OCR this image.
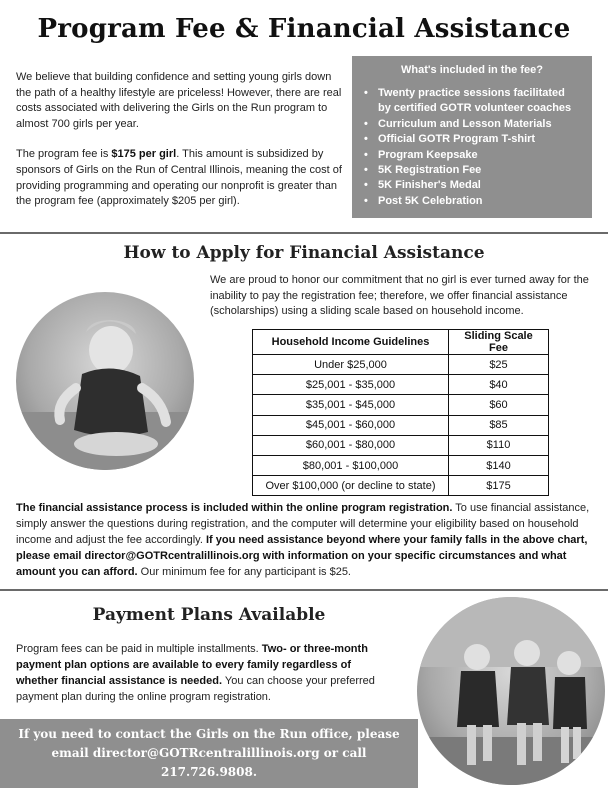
Program Fee & Financial Assistance

We believe that building confidence and setting young girls down the path of a healthy lifestyle are priceless! However, there are real costs associated with delivering the Girls on the Run program to almost 700 girls per year.

The program fee is $175 per girl. This amount is subsidized by sponsors of Girls on the Run of Central Illinois, meaning the cost of providing programming and operating our nonprofit is greater than the program fee (approximately $205 per girl).

What's included in the fee?
• Twenty practice sessions facilitated by certified GOTR volunteer coaches
• Curriculum and Lesson Materials
• Official GOTR Program T-shirt
• Program Keepsake
• 5K Registration Fee
• 5K Finisher's Medal
• Post 5K Celebration
How to Apply for Financial Assistance
We are proud to honor our commitment that no girl is ever turned away for the inability to pay the registration fee; therefore, we offer financial assistance (scholarships) using a sliding scale based on household income.
Household Income Guidelines	Sliding Scale Fee
Under $25,000	$25
$25,001 - $35,000	$40
$35,001 - $45,000	$60
$45,001 - $60,000	$85
$60,001 - $80,000	$110
$80,001 - $100,000	$140
Over $100,000 (or decline to state)	$175
The financial assistance process is included within the online program registration. To use financial assistance, simply answer the questions during registration, and the computer will determine your eligibility based on household income and adjust the fee accordingly. If you need assistance beyond where your family falls in the above chart, please email director@GOTRcentralillinois.org with information on your specific circumstances and what amount you can afford. Our minimum fee for any participant is $25.
Payment Plans Available
Program fees can be paid in multiple installments. Two- or three-month payment plan options are available to every family regardless of whether financial assistance is needed. You can choose your preferred payment plan during the online program registration.
If you need to contact the Girls on the Run office, please
email director@GOTRcentralillinois.org or call
217.726.9808.
